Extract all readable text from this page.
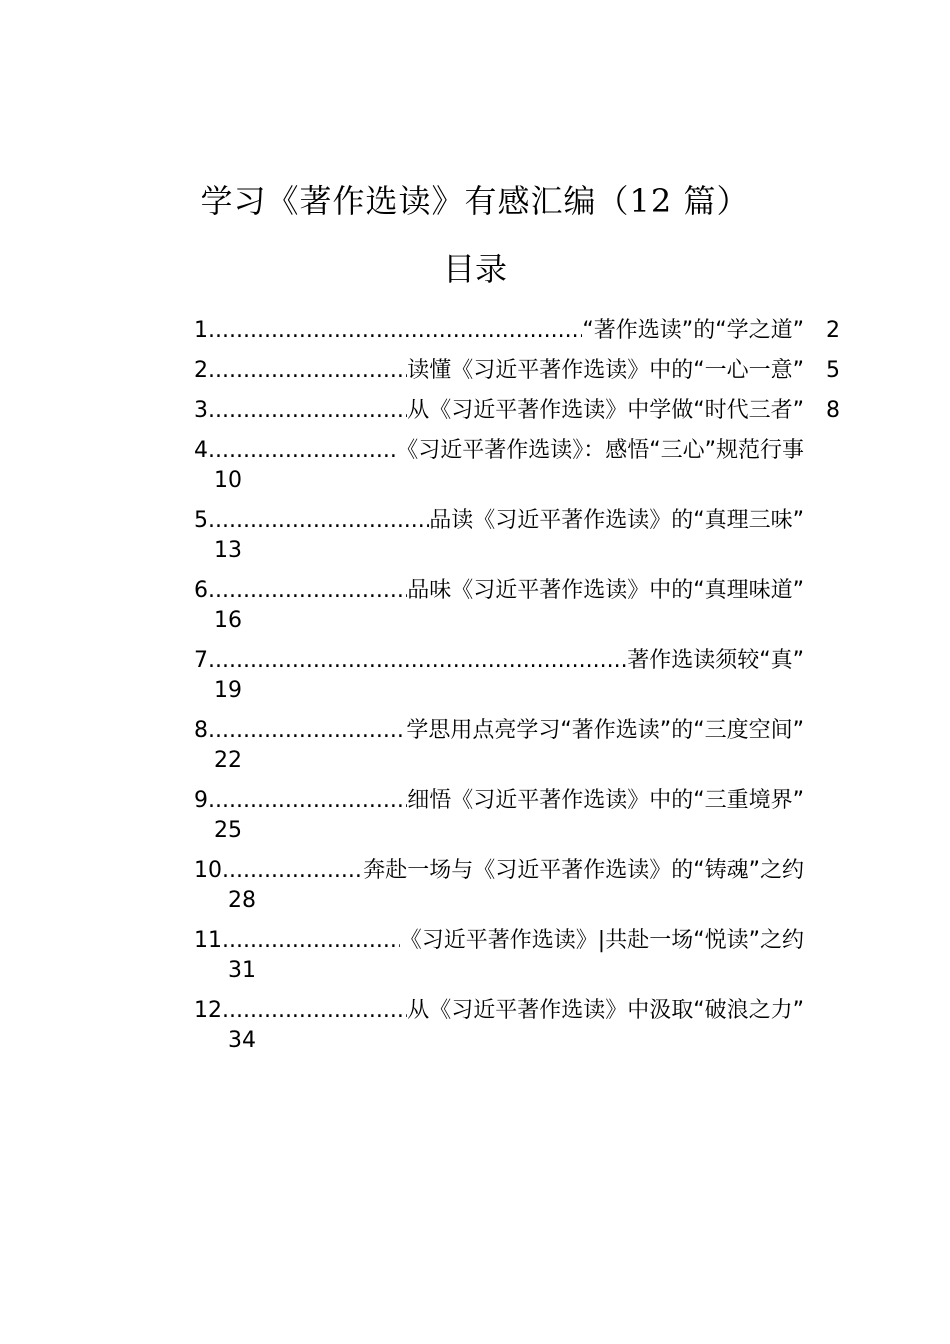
学习《著作选读》有感汇编（12 篇）
目录
1 .....	“著作选读”的“学之道”	2
2 .....	读懂《习近平著作选读》中的“一心一意”	5
3 .....	从《习近平著作选读》中学做“时代三者”	8
4 .....	《习近平著作选读》：感悟“三心”规范行事
10
5 .....	品读《习近平著作选读》的“真理三味”
13
6 .....	品味《习近平著作选读》中的“真理味道”
16
7 .....	著作选读须较“真”
19
8 .....	学思用点亮学习“著作选读”的“三度空间”
22
9 .....	细悟《习近平著作选读》中的“三重境界”
25
10 .....	奔赴一场与《习近平著作选读》的“铸魂”之约
28
11 .....	《习近平著作选读》|共赴一场“悦读”之约
31
12 .....	从《习近平著作选读》中汲取“破浪之力”
34
